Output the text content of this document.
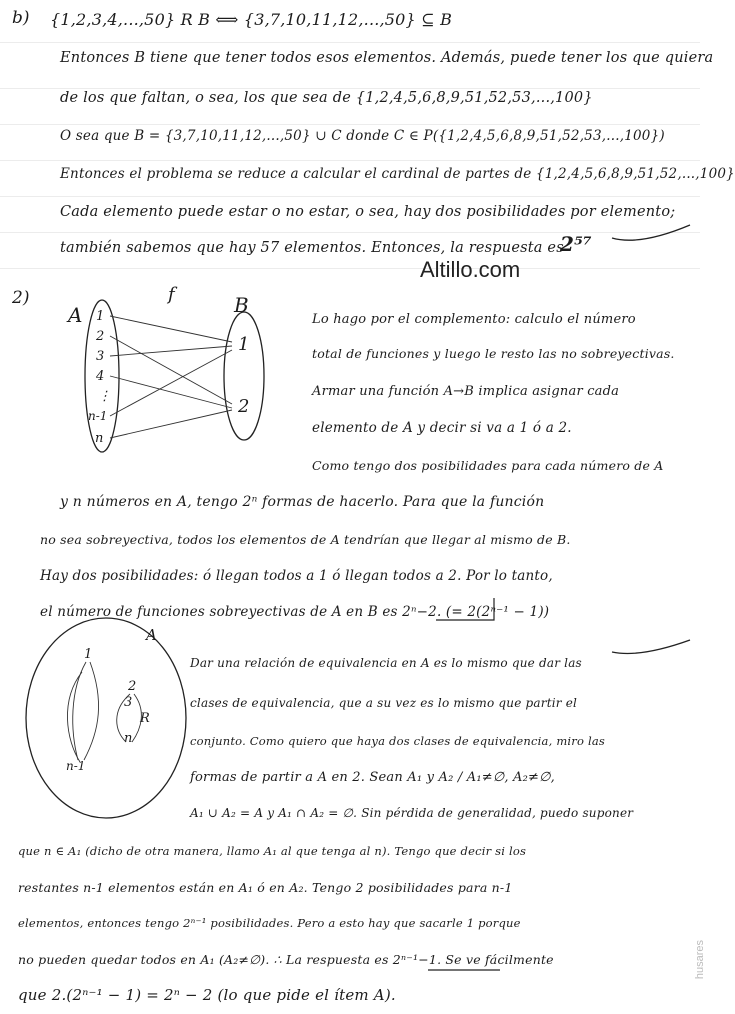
b) {1,2,3,4,...,50} R B ⟺ {3,7,10,11,12,...,50} ⊆ B
Entonces B tiene que tener todos esos elementos. Además, puede tener los que quiera
de los que faltan, o sea, los que sea de {1,2,4,5,6,8,9,51,52,53,...,100}
O sea que B = {3,7,10,11,12,...,50} ∪ C donde C ∈ P({1,2,4,5,6,8,9,51,52,53,...,100})
Entonces el problema se reduce a calcular el cardinal de partes de {1,2,4,5,6,8,9,51,52,...,100}
Cada elemento puede estar o no estar, o sea, hay dos posibilidades por elemento;
también sabemos que hay 57 elementos. Entonces, la respuesta es
2⁵⁷
Altillo.com
2)
A	B
f
1
2
3
4
⋮
n-1
n
1
2
A
1
n-1
2
3
n
R
Lo hago por el complemento: calculo el número
total de funciones y luego le resto las no sobreyectivas.
Armar una función A→B implica asignar cada
elemento de A y decir si va a 1 ó a 2.
Como tengo dos posibilidades para cada número de A
y n números en A, tengo 2ⁿ formas de hacerlo. Para que la función
no sea sobreyectiva, todos los elementos de A tendrían que llegar al mismo de B.
Hay dos posibilidades: ó llegan todos a 1 ó llegan todos a 2. Por lo tanto,
el número de funciones sobreyectivas de A en B es 2ⁿ−2. (= 2(2ⁿ⁻¹ − 1))
Dar una relación de equivalencia en A es lo mismo que dar las
clases de equivalencia, que a su vez es lo mismo que partir el
conjunto. Como quiero que haya dos clases de equivalencia, miro las
formas de partir a A en 2. Sean A₁ y A₂ / A₁≠∅, A₂≠∅,
A₁ ∪ A₂ = A y A₁ ∩ A₂ = ∅. Sin pérdida de generalidad, puedo suponer
que n ∈ A₁ (dicho de otra manera, llamo A₁ al que tenga al n). Tengo que decir si los
restantes n-1 elementos están en A₁ ó en A₂. Tengo 2 posibilidades para n-1
elementos, entonces tengo 2ⁿ⁻¹ posibilidades. Pero a esto hay que sacarle 1 porque
no pueden quedar todos en A₁ (A₂≠∅). ∴ La respuesta es 2ⁿ⁻¹−1. Se ve fácilmente
que 2.(2ⁿ⁻¹ − 1) = 2ⁿ − 2 (lo que pide el ítem A).
husares
